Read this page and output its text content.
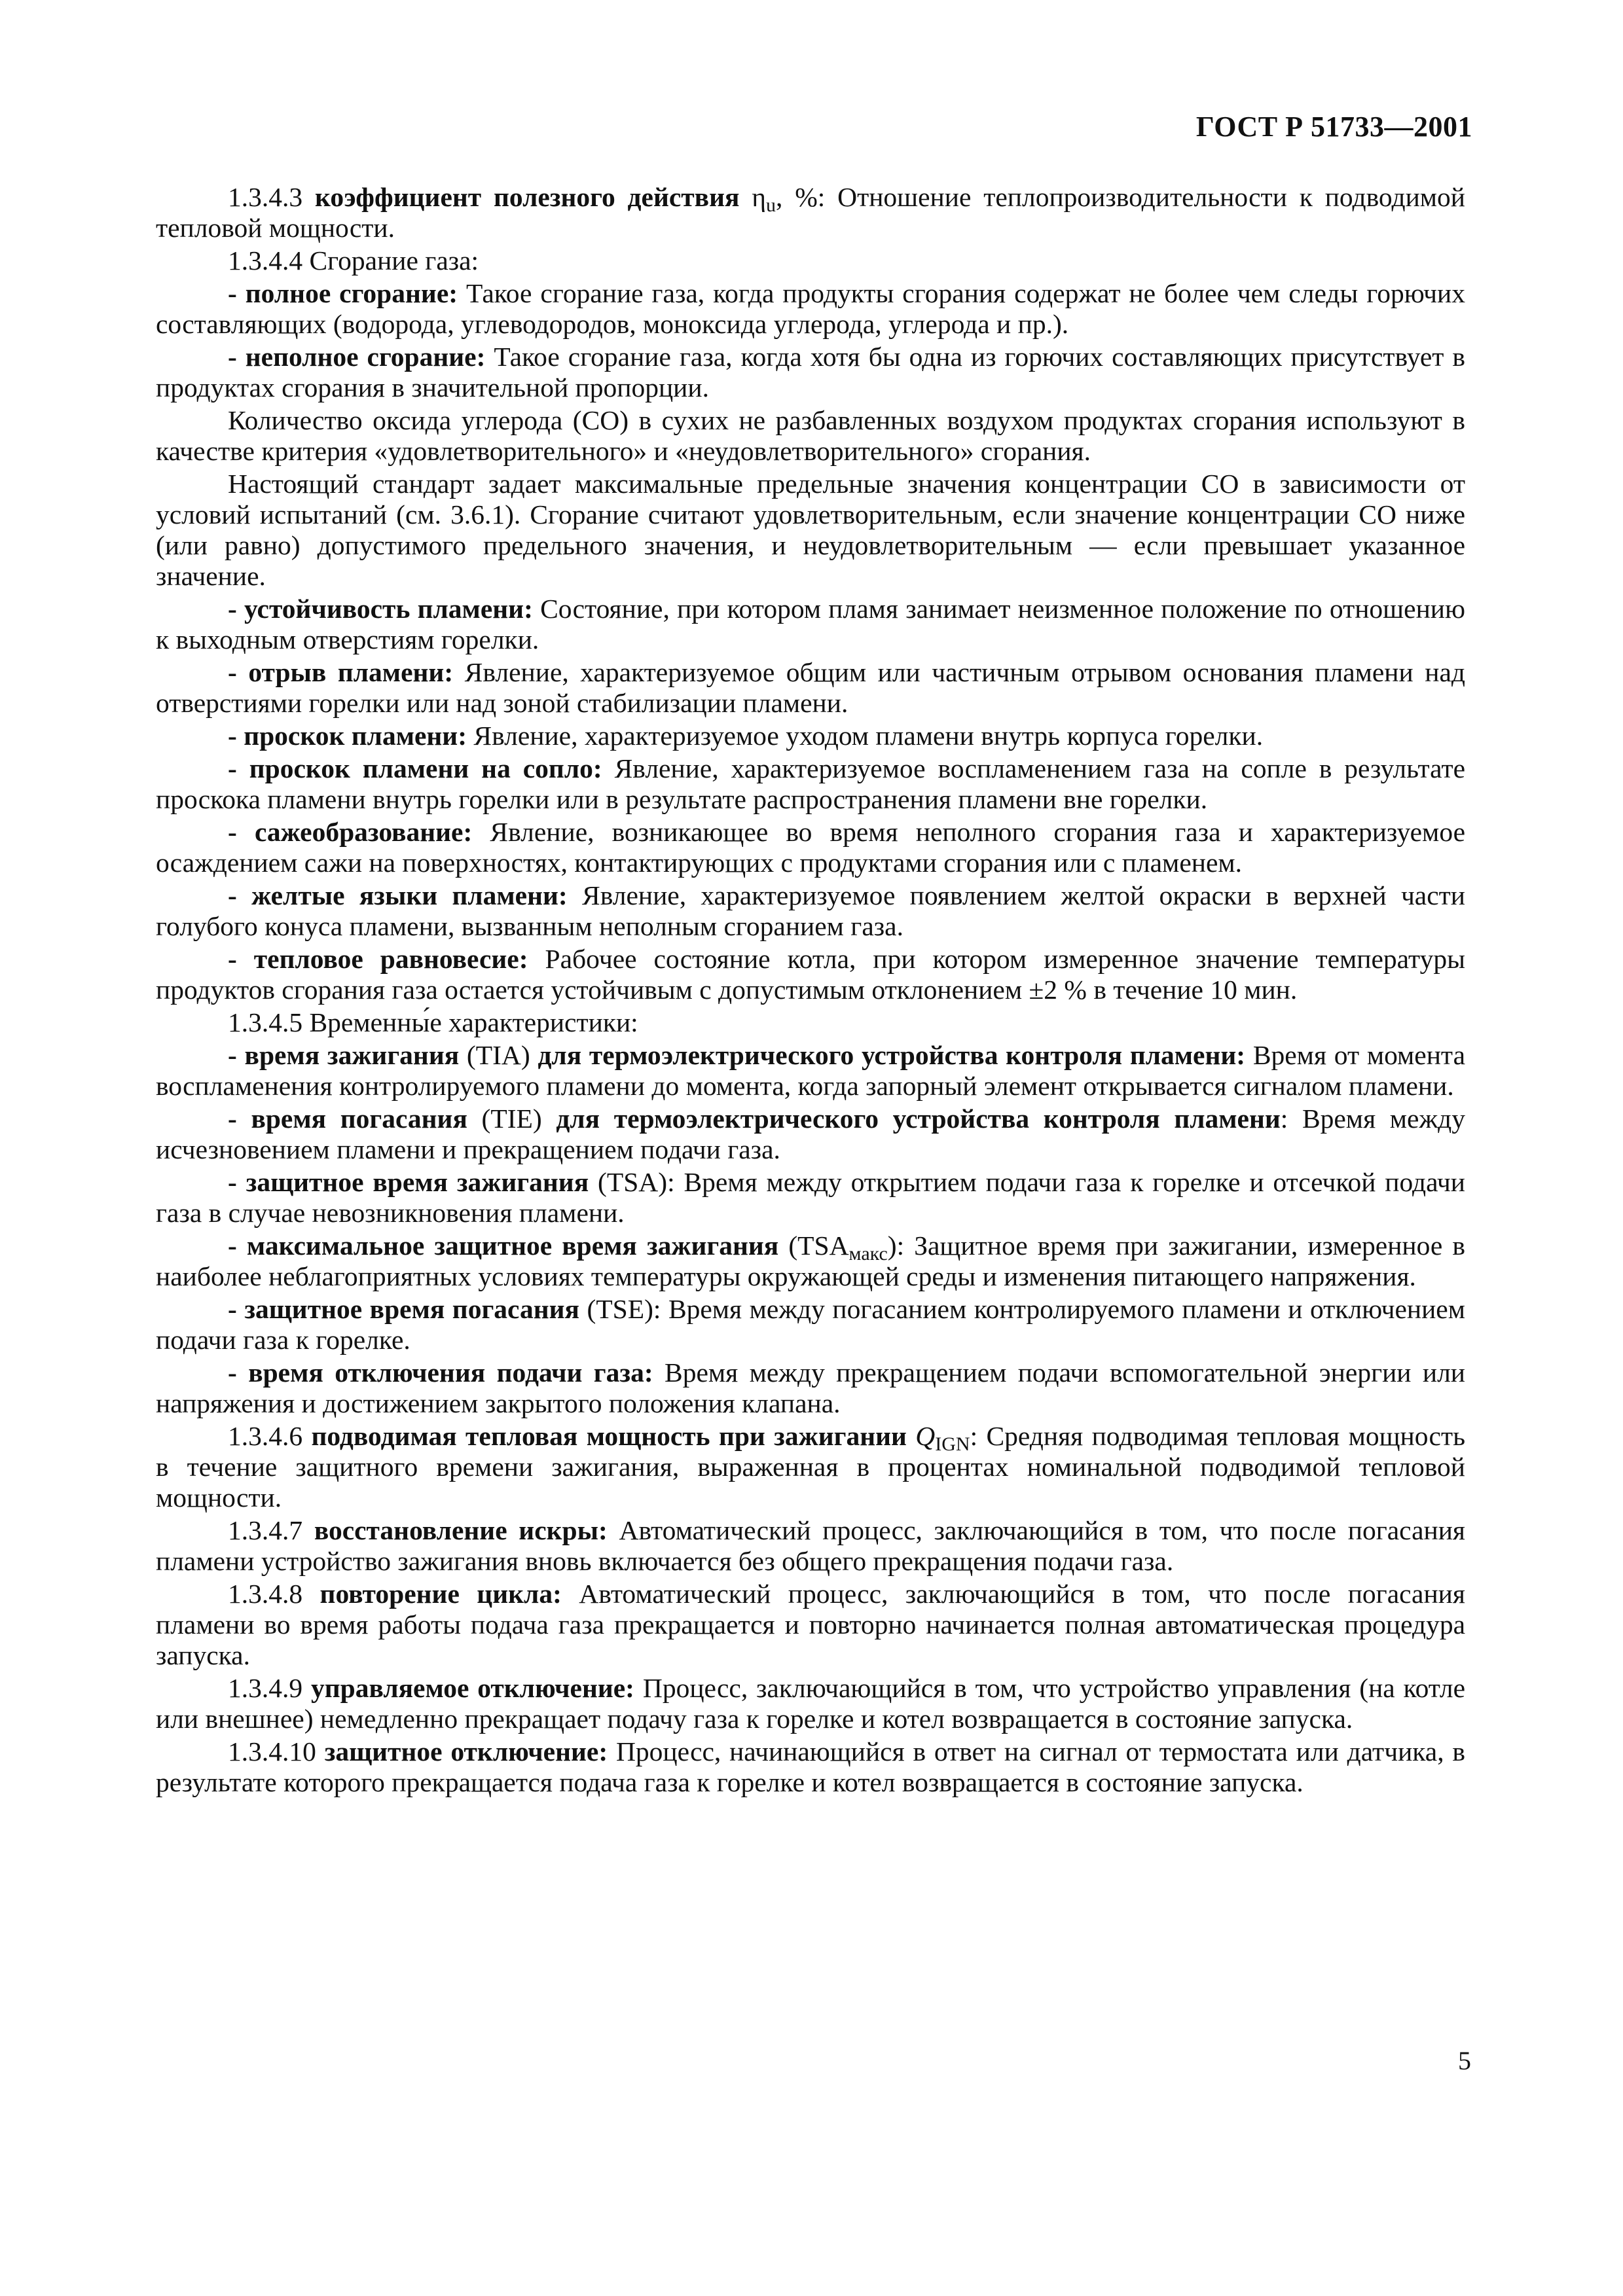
ГОСТ Р 51733—2001

1.3.4.3 коэффициент полезного действия $\eta_u$, %: Отношение теплопроизводительности к подводимой тепловой мощности.

1.3.4.4 Сгорание газа:

- полное сгорание: Такое сгорание газа, когда продукты сгорания содержат не более чем следы горючих составляющих (водорода, углеводородов, моноксида углерода, углерода и пр.).

- неполное сгорание: Такое сгорание газа, когда хотя бы одна из горючих составляющих присутствует в продуктах сгорания в значительной пропорции.

Количество оксида углерода (CO) в сухих не разбавленных воздухом продуктах сгорания используют в качестве критерия «удовлетворительного» и «неудовлетворительного» сгорания.

Настоящий стандарт задает максимальные предельные значения концентрации CO в зависимости от условий испытаний (см. 3.6.1). Сгорание считают удовлетворительным, если значение концентрации CO ниже (или равно) допустимого предельного значения, и неудовлетворительным — если превышает указанное значение.

- устойчивость пламени: Состояние, при котором пламя занимает неизменное положение по отношению к выходным отверстиям горелки.

- отрыв пламени: Явление, характеризуемое общим или частичным отрывом основания пламени над отверстиями горелки или над зоной стабилизации пламени.

- проскок пламени: Явление, характеризуемое уходом пламени внутрь корпуса горелки.

- проскок пламени на сопло: Явление, характеризуемое воспламенением газа на сопле в результате проскока пламени внутрь горелки или в результате распространения пламени вне горелки.

- сажеобразование: Явление, возникающее во время неполного сгорания газа и характеризуемое осаждением сажи на поверхностях, контактирующих с продуктами сгорания или с пламенем.

- желтые языки пламени: Явление, характеризуемое появлением желтой окраски в верхней части голубого конуса пламени, вызванным неполным сгоранием газа.

- тепловое равновесие: Рабочее состояние котла, при котором измеренное значение температуры продуктов сгорания газа остается устойчивым с допустимым отклонением ±2 % в течение 10 мин.

1.3.4.5 Временны́е характеристики:

- время зажигания (TIA) для термоэлектрического устройства контроля пламени: Время от момента воспламенения контролируемого пламени до момента, когда запорный элемент открывается сигналом пламени.

- время погасания (TIE) для термоэлектрического устройства контроля пламени: Время между исчезновением пламени и прекращением подачи газа.

- защитное время зажигания (TSA): Время между открытием подачи газа к горелке и отсечкой подачи газа в случае невозникновения пламени.

- максимальное защитное время зажигания $(TSA_{макс})$: Защитное время при зажигании, измеренное в наиболее неблагоприятных условиях температуры окружающей среды и изменения питающего напряжения.

- защитное время погасания (TSE): Время между погасанием контролируемого пламени и отключением подачи газа к горелке.

- время отключения подачи газа: Время между прекращением подачи вспомогательной энергии или напряжения и достижением закрытого положения клапана.

1.3.4.6 подводимая тепловая мощность при зажигании $Q_{IGN}$: Средняя подводимая тепловая мощность в течение защитного времени зажигания, выраженная в процентах номинальной подводимой тепловой мощности.

1.3.4.7 восстановление искры: Автоматический процесс, заключающийся в том, что после погасания пламени устройство зажигания вновь включается без общего прекращения подачи газа.

1.3.4.8 повторение цикла: Автоматический процесс, заключающийся в том, что после погасания пламени во время работы подача газа прекращается и повторно начинается полная автоматическая процедура запуска.

1.3.4.9 управляемое отключение: Процесс, заключающийся в том, что устройство управления (на котле или внешнее) немедленно прекращает подачу газа к горелке и котел возвращается в состояние запуска.

1.3.4.10 защитное отключение: Процесс, начинающийся в ответ на сигнал от термостата или датчика, в результате которого прекращается подача газа к горелке и котел возвращается в состояние запуска.

5
